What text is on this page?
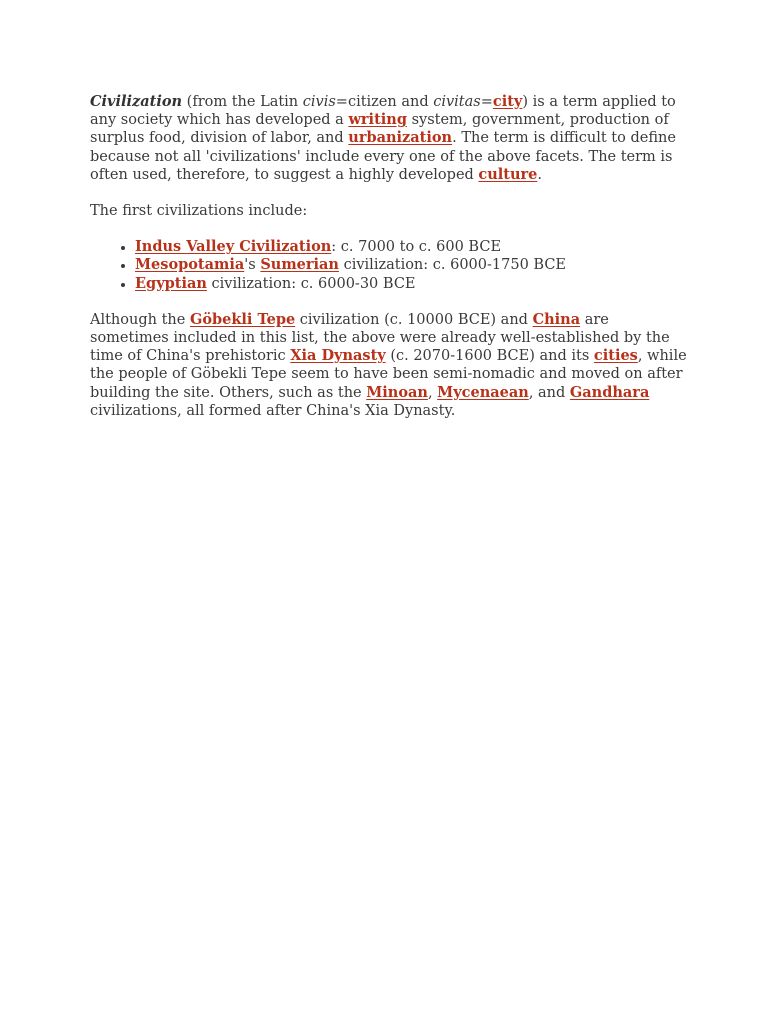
Civilization (from the Latin civis=citizen and civitas=city) is a term applied to any society which has developed a writing system, government, production of surplus food, division of labor, and urbanization. The term is difficult to define because not all 'civilizations' include every one of the above facets. The term is often used, therefore, to suggest a highly developed culture.

The first civilizations include:

• Indus Valley Civilization: c. 7000 to c. 600 BCE
• Mesopotamia's Sumerian civilization: c. 6000-1750 BCE
• Egyptian civilization: c. 6000-30 BCE

Although the Göbekli Tepe civilization (c. 10000 BCE) and China are sometimes included in this list, the above were already well-established by the time of China's prehistoric Xia Dynasty (c. 2070-1600 BCE) and its cities, while the people of Göbekli Tepe seem to have been semi-nomadic and moved on after building the site. Others, such as the Minoan, Mycenaean, and Gandhara civilizations, all formed after China's Xia Dynasty.
